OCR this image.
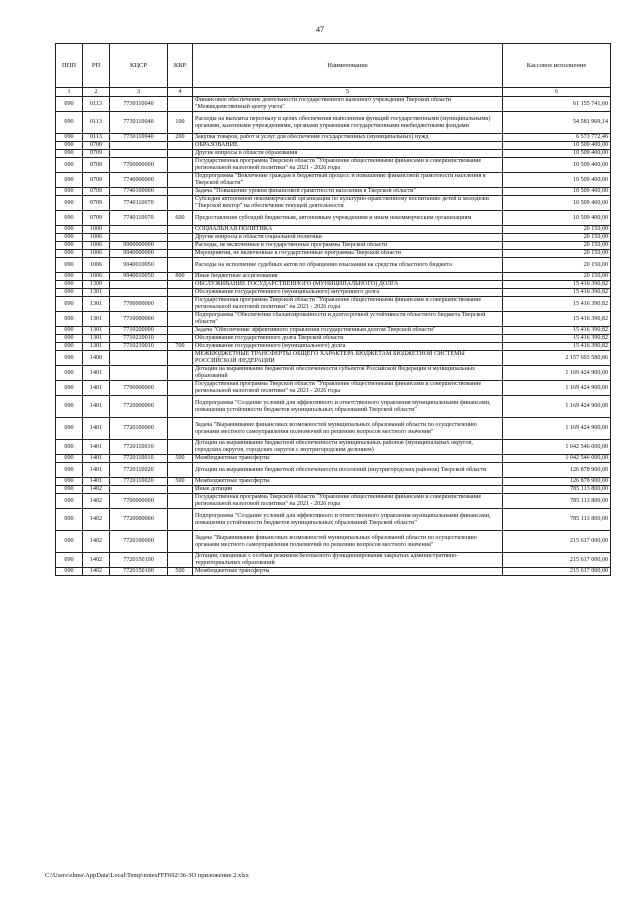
47
ППП	РП	КЦСР	КВР	Наименование	Кассовое исполнение
1	2	3	4	5	6
090	0113	7730110040		Финансовое обеспечение деятельности государственного казенного учреждения Тверской области "Межведомственный центр учета"	61 155 741,60
090	0113	7730110040	100	Расходы на выплаты персоналу в целях обеспечения выполнения функций государственными (муниципальными) органами, казенными учреждениями, органами управления государственными внебюджетными фондами	54 581 969,14
090	0113	7730110040	200	Закупка товаров, работ и услуг для обеспечения государственных (муниципальных) нужд	6 573 772,46
090	0700			ОБРАЗОВАНИЕ	10 509 400,00
090	0709			Другие вопросы в области образования	10 509 400,00
090	0709	7700000000		Государственная программа Тверской области "Управление общественными финансами и совершенствование региональной налоговой политики" на 2021 - 2026 годы	10 509 400,00
090	0709	7740000000		Подпрограмма "Вовлечение граждан в бюджетный процесс и повышение финансовой грамотности населения в Тверской области"	10 509 400,00
090	0709	7740100000		Задача "Повышение уровня финансовой грамотности населения в Тверской области"	10 509 400,00
090	0709	7740110070		Субсидия автономной некоммерческой организации по культурно-нравственному воспитанию детей и молодежи "Тверской вектор" на обеспечение текущей деятельности	10 509 400,00
090	0709	7740110070	600	Предоставление субсидий бюджетным, автономным учреждениям и иным некоммерческим организациям	10 509 400,00
090	1000			СОЦИАЛЬНАЯ ПОЛИТИКА	20 150,00
090	1006			Другие вопросы в области социальной политики	20 150,00
090	1006	9900000000		Расходы, не включенные в государственные программы Тверской области	20 150,00
090	1006	9940000000		Мероприятия, не включенные в государственные программы Тверской области	20 150,00
090	1006	9940010050		Расходы на исполнение судебных актов по обращению взыскания на средства областного бюджета	20 150,00
090	1006	9940010050	800	Иные бюджетные ассигнования	20 150,00
090	1300			ОБСЛУЖИВАНИЕ ГОСУДАРСТВЕННОГО (МУНИЦИПАЛЬНОГО) ДОЛГА	15 416 390,82
090	1301			Обслуживание государственного (муниципального) внутреннего долга	15 416 390,82
090	1301	7700000000		Государственная программа Тверской области "Управление общественными финансами и совершенствование региональной налоговой политики" на 2021 - 2026 годы	15 416 390,82
090	1301	7710000000		Подпрограмма "Обеспечение сбалансированности и долгосрочной устойчивости областного бюджета Тверской области"	15 416 390,82
090	1301	7710200000		Задача "Обеспечение эффективного управления государственным долгом Тверской области"	15 416 390,82
090	1301	7710210010		Обслуживание государственного долга Тверской области	15 416 390,82
090	1301	7710210010	700	Обслуживание государственного (муниципального) долга	15 416 390,82
090	1400			МЕЖБЮДЖЕТНЫЕ ТРАНСФЕРТЫ ОБЩЕГО ХАРАКТЕРА БЮДЖЕТАМ БЮДЖЕТНОЙ СИСТЕМЫ РОССИЙСКОЙ ФЕДЕРАЦИИ	2 157 693 580,86
090	1401			Дотации на выравнивание бюджетной обеспеченности субъектов Российской Федерации и муниципальных образований	1 169 424 900,00
090	1401	7700000000		Государственная программа Тверской области "Управление общественными финансами и совершенствование региональной налоговой политики" на 2021 - 2026 годы	1 169 424 900,00
090	1401	7720000000		Подпрограмма "Создание условий для эффективного и ответственного управления муниципальными финансами, повышения устойчивости бюджетов муниципальных образований Тверской области"	1 169 424 900,00
090	1401	7720100000		Задача "Выравнивание финансовых возможностей муниципальных образований области по осуществлению органами местного самоуправления полномочий по решению вопросов местного значения"	1 169 424 900,00
090	1401	7720110010		Дотации на выравнивание бюджетной обеспеченности муниципальных районов (муниципальных округов, городских округов, городских округов с внутригородским делением)	1 042 546 000,00
090	1401	7720110010	500	Межбюджетные трансферты	1 042 546 000,00
090	1401	7720110020		Дотации на выравнивание бюджетной обеспеченности поселений (внутригородских районов) Тверской области	126 878 900,00
090	1401	7720110020	500	Межбюджетные трансферты	126 878 900,00
090	1402			Иные дотации	785 113 800,00
090	1402	7700000000		Государственная программа Тверской области "Управление общественными финансами и совершенствование региональной налоговой политики" на 2021 - 2026 годы	785 113 800,00
090	1402	7720000000		Подпрограмма "Создание условий для эффективного и ответственного управления муниципальными финансами, повышения устойчивости бюджетов муниципальных образований Тверской области"	785 113 800,00
090	1402	7720100000		Задача "Выравнивание финансовых возможностей муниципальных образований области по осуществлению органами местного самоуправления полномочий по решению вопросов местного значения"	215 617 000,00
090	1402	7720150100		Дотация, связанные с особым режимом безопасного функционирования закрытых административно-территориальных образований	215 617 000,00
090	1402	7720150100	500	Межбюджетные трансферты	215 617 000,00
C:\Users\zhms\AppData\Local\Temp\notesFFF692\36-ЗО приложение 2.xlsx
